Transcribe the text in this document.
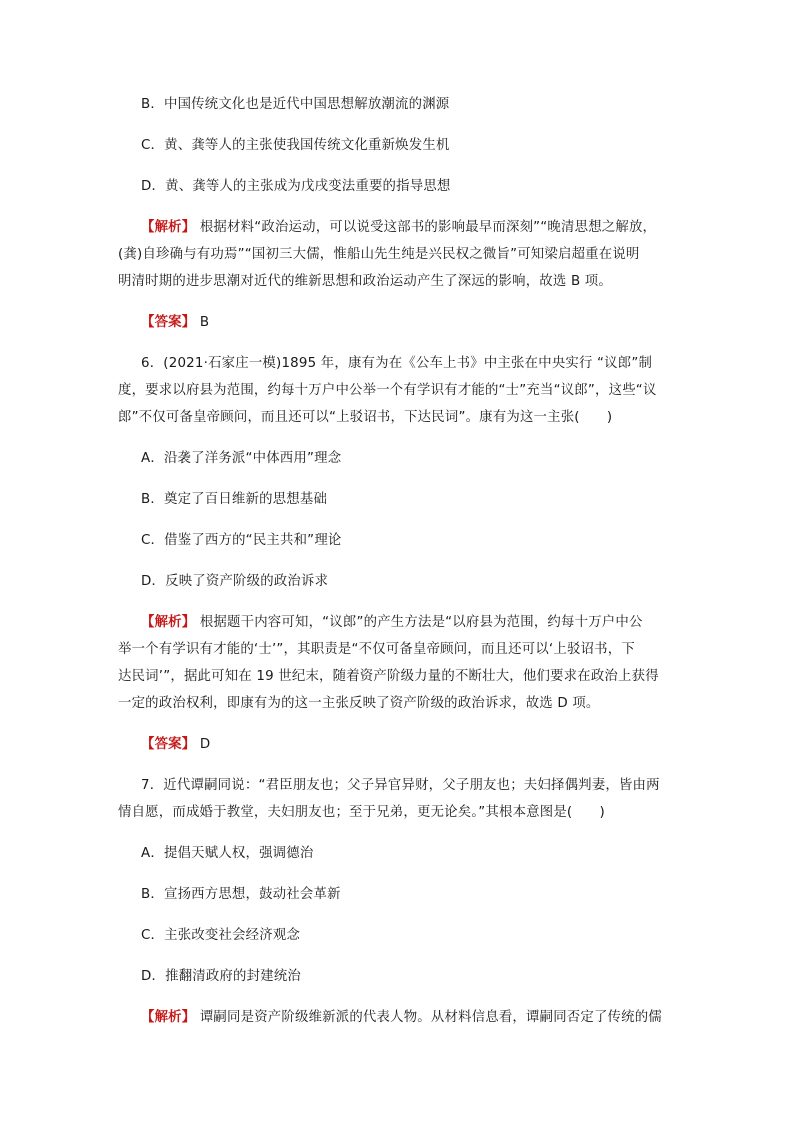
B．中国传统文化也是近代中国思想解放潮流的渊源
C．黄、龚等人的主张使我国传统文化重新焕发生机
D．黄、龚等人的主张成为戊戌变法重要的指导思想
【解析】 根据材料“政治运动，可以说受这部书的影响最早而深刻”“晚清思想之解放，
(龚)自珍确与有功焉”“国初三大儒，惟船山先生纯是兴民权之微旨”可知梁启超重在说明
明清时期的进步思潮对近代的维新思想和政治运动产生了深远的影响，故选 B 项。
【答案】 B
6．(2021·石家庄一模)1895 年，康有为在《公车上书》中主张在中央实行 “议郎”制
度，要求以府县为范围，约每十万户中公举一个有学识有才能的“士”充当“议郎”，这些“议
郎”不仅可备皇帝顾问，而且还可以“上驳诏书，下达民词”。康有为这一主张(　　)
A．沿袭了洋务派“中体西用”理念
B．奠定了百日维新的思想基础
C．借鉴了西方的“民主共和”理论
D．反映了资产阶级的政治诉求
【解析】 根据题干内容可知，“议郎”的产生方法是“以府县为范围，约每十万户中公
举一个有学识有才能的‘士’”，其职责是“不仅可备皇帝顾问，而且还可以‘上驳诏书，下
达民词’”，据此可知在 19 世纪末，随着资产阶级力量的不断壮大，他们要求在政治上获得
一定的政治权利，即康有为的这一主张反映了资产阶级的政治诉求，故选 D 项。
【答案】 D
7．近代谭嗣同说：“君臣朋友也；父子异官异财，父子朋友也；夫妇择偶判妻，皆由两
情自愿，而成婚于教堂，夫妇朋友也；至于兄弟，更无论矣。”其根本意图是(　　)
A．提倡天赋人权，强调德治
B．宣扬西方思想，鼓动社会革新
C．主张改变社会经济观念
D．推翻清政府的封建统治
【解析】 谭嗣同是资产阶级维新派的代表人物。从材料信息看，谭嗣同否定了传统的儒
